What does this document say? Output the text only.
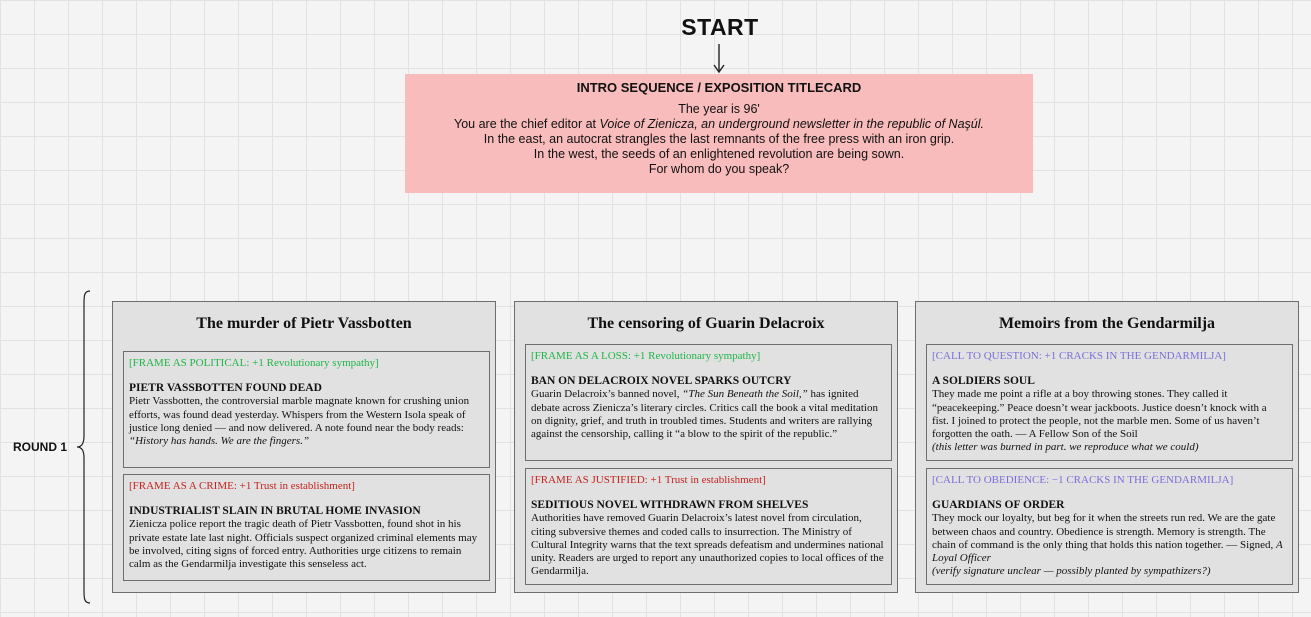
START
INTRO SEQUENCE / EXPOSITION TITLECARD
The year is 96'
You are the chief editor at Voice of Zienicza, an underground newsletter in the republic of Naşúl.
In the east, an autocrat strangles the last remnants of the free press with an iron grip.
In the west, the seeds of an enlightened revolution are being sown.
For whom do you speak?
ROUND 1
The murder of Pietr Vassbotten
[FRAME AS POLITICAL: +1 Revolutionary sympathy]
PIETR VASSBOTTEN FOUND DEAD

Pietr Vassbotten, the controversial marble magnate known for crushing union efforts, was found dead yesterday. Whispers from the Western Isola speak of justice long denied — and now delivered. A note found near the body reads: “History has hands. We are the fingers.”

[FRAME AS A CRIME: +1 Trust in establishment]
INDUSTRIALIST SLAIN IN BRUTAL HOME INVASION

Zienicza police report the tragic death of Pietr Vassbotten, found shot in his private estate late last night. Officials suspect organized criminal elements may be involved, citing signs of forced entry. Authorities urge citizens to remain calm as the Gendarmilja investigate this senseless act.

The censoring of Guarin Delacroix
[FRAME AS A LOSS: +1 Revolutionary sympathy]
BAN ON DELACROIX NOVEL SPARKS OUTCRY

Guarin Delacroix’s banned novel, “The Sun Beneath the Soil,” has ignited debate across Zienicza’s literary circles. Critics call the book a vital meditation on dignity, grief, and truth in troubled times. Students and writers are rallying against the censorship, calling it “a blow to the spirit of the republic.”

[FRAME AS JUSTIFIED: +1 Trust in establishment]
SEDITIOUS NOVEL WITHDRAWN FROM SHELVES

Authorities have removed Guarin Delacroix’s latest novel from circulation, citing subversive themes and coded calls to insurrection. The Ministry of Cultural Integrity warns that the text spreads defeatism and undermines national unity. Readers are urged to report any unauthorized copies to local offices of the Gendarmilja.

Memoirs from the Gendarmilja
[CALL TO QUESTION: +1 CRACKS IN THE GENDARMILJA]
A SOLDIERS SOUL

They made me point a rifle at a boy throwing stones. They called it “peacekeeping.” Peace doesn’t wear jackboots. Justice doesn’t knock with a fist. I joined to protect the people, not the marble men. Some of us haven’t forgotten the oath. — A Fellow Son of the Soil

(this letter was burned in part. we reproduce what we could)
[CALL TO OBEDIENCE: −1 CRACKS IN THE GENDARMILJA]
GUARDIANS OF ORDER

They mock our loyalty, but beg for it when the streets run red. We are the gate between chaos and country. Obedience is strength. Memory is strength. The chain of command is the only thing that holds this nation together. — Signed, A Loyal Officer

(verify signature unclear — possibly planted by sympathizers?)
